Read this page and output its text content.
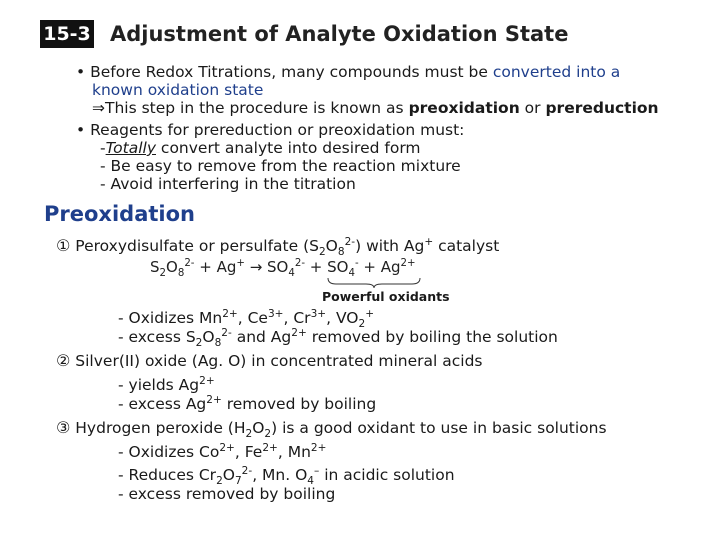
15-3 Adjustment of Analyte Oxidation State
• Before Redox Titrations, many compounds must be converted into a
known oxidation state
⇒This step in the procedure is known as preoxidation or prereduction
• Reagents for prereduction or preoxidation must:
-Totally convert analyte into desired form
- Be easy to remove from the reaction mixture
- Avoid interfering in the titration
Preoxidation
① Peroxydisulfate or persulfate $(S_2O_8^{2-})$ with Ag+ catalyst
$S_2O_8^{2-} + Ag^+ \to SO_4^{2-} + SO_4^- + Ag^{2+}$
Powerful oxidants
- Oxidizes $Mn^{2+}$, $Ce^{3+}$, $Cr^{3+}$, $VO_2^+$
- excess $S_2O_8^{2-}$ and $Ag^{2+}$ removed by boiling the solution
② Silver(II) oxide (Ag. O) in concentrated mineral acids
- yields $Ag^{2+}$
- excess $Ag^{2+}$ removed by boiling
③ Hydrogen peroxide $(H_2O_2)$ is a good oxidant to use in basic solutions
- Oxidizes $Co^{2+}$, $Fe^{2+}$, $Mn^{2+}$
- Reduces $Cr_2O_7^{2-}$, Mn. $O_4^-$ in acidic solution
- excess removed by boiling
